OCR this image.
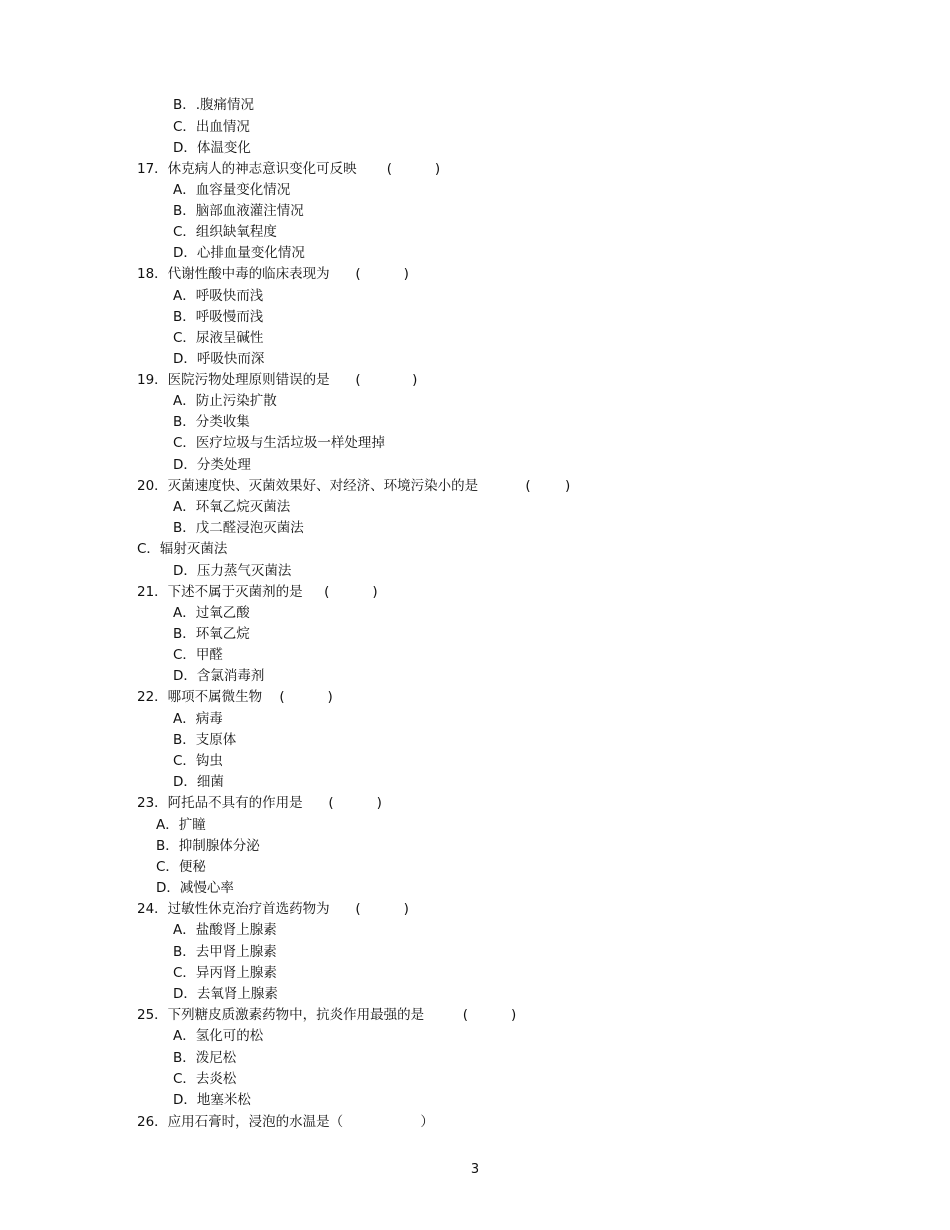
B．.腹痛情况
C．出血情况
D．体温变化
17．休克病人的神志意识变化可反映       (          )
A．血容量变化情况
B．脑部血液灌注情况
C．组织缺氧程度
D．心排血量变化情况
18．代谢性酸中毒的临床表现为      (          )
A．呼吸快而浅
B．呼吸慢而浅
C．尿液呈碱性
D．呼吸快而深
19．医院污物处理原则错误的是      (            )
A．防止污染扩散
B．分类收集
C．医疗垃圾与生活垃圾一样处理掉
D．分类处理
20．灭菌速度快、灭菌效果好、对经济、环境污染小的是           (        )
A．环氧乙烷灭菌法
B．戊二醛浸泡灭菌法
C．辐射灭菌法
D．压力蒸气灭菌法
21．下述不属于灭菌剂的是     (          )
A．过氧乙酸
B．环氧乙烷
C．甲醛
D．含氯消毒剂
22．哪项不属微生物    (          )
A．病毒
B．支原体
C．钩虫
D．细菌
23．阿托品不具有的作用是      (          )
A．扩瞳
B．抑制腺体分泌
C．便秘
D．减慢心率
24．过敏性休克治疗首选药物为      (          )
A．盐酸肾上腺素
B．去甲肾上腺素
C．异丙肾上腺素
D．去氧肾上腺素
25．下列糖皮质激素药物中，抗炎作用最强的是         (          )
A．氢化可的松
B．泼尼松
C．去炎松
D．地塞米松
26．应用石膏时，浸泡的水温是（                  ）
3
